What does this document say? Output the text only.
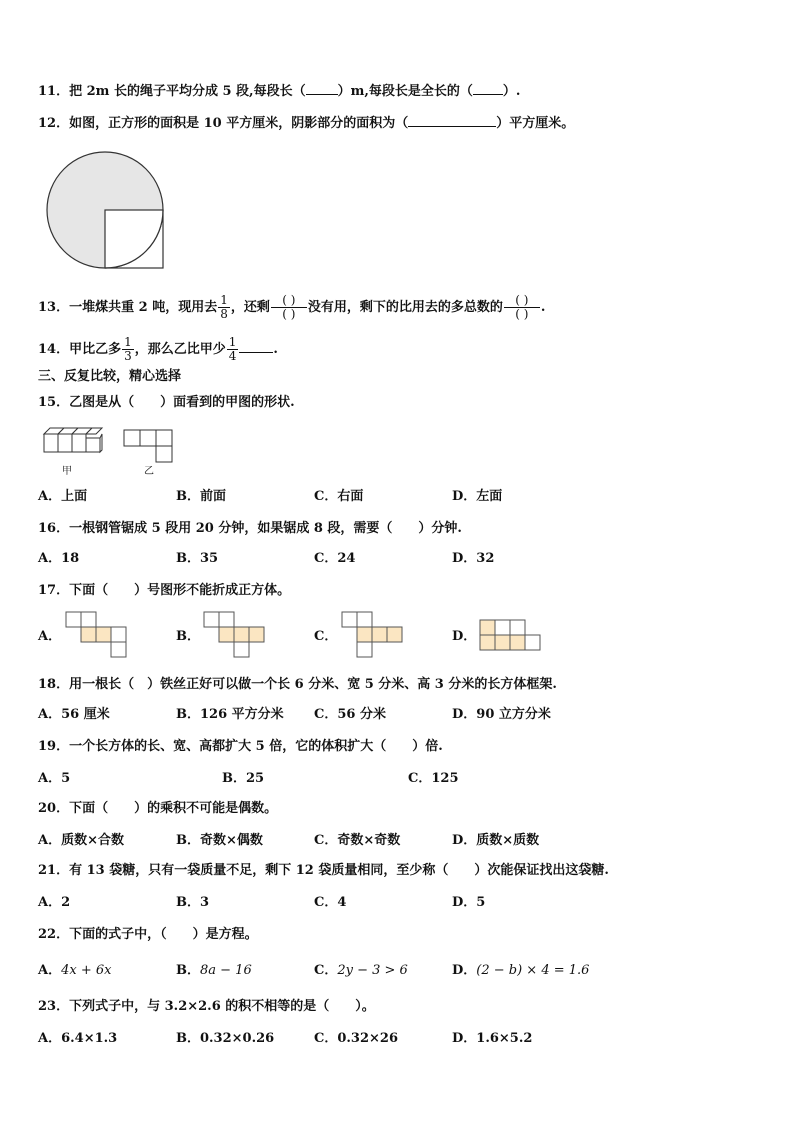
11．把 2m 长的绳子平均分成 5 段,每段长（ ）m,每段长是全长的（ ）.
12．如图，正方形的面积是 10 平方厘米，阴影部分的面积为（	）平方厘米。
13．一堆煤共重 2 吨，现用去 $\frac{1}{8}$ ，还剩 $\frac{( )}{( )}$ 没有用，剩下的比用去的多总数的 $\frac{( )}{( )}$ .
14．甲比乙多 $\frac{1}{3}$ ，那么乙比甲少 $\frac{1}{4}$	.
三、反复比较，精心选择
15．乙图是从（　　）面看到的甲图的形状.
甲	乙
A．上面	B．前面	C．右面	D．左面
16．一根钢管锯成 5 段用 20 分钟，如果锯成 8 段，需要（　　）分钟.
A．18	B．35	C．24	D．32
17．下面（　　）号图形不能折成正方体。
A．	B．	C．	D．
18．用一根长（　）铁丝正好可以做一个长 6 分米、宽 5 分米、高 3 分米的长方体框架.
A．56 厘米	B．126 平方分米 C．56 分米	D．90 立方分米
19．一个长方体的长、宽、高都扩大 5 倍，它的体积扩大（　　）倍.
A．5	B．25	C．125
20．下面（　　）的乘积不可能是偶数。
A．质数×合数	B．奇数×偶数	C．奇数×奇数	D．质数×质数
21．有 13 袋糖，只有一袋质量不足，剩下 12 袋质量相同，至少称（　　）次能保证找出这袋糖.
A．2	B．3	C．4	D．5
22．下面的式子中，（　　）是方程。
A．4x + 6x	B．8a − 16	C．2y − 3 > 6	D．(2 − b) × 4 = 1.6
23．下列式子中，与 3.2×2.6 的积不相等的是（　　）。
A．6.4×1.3	B．0.32×0.26	C．0.32×26	D．1.6×5.2
